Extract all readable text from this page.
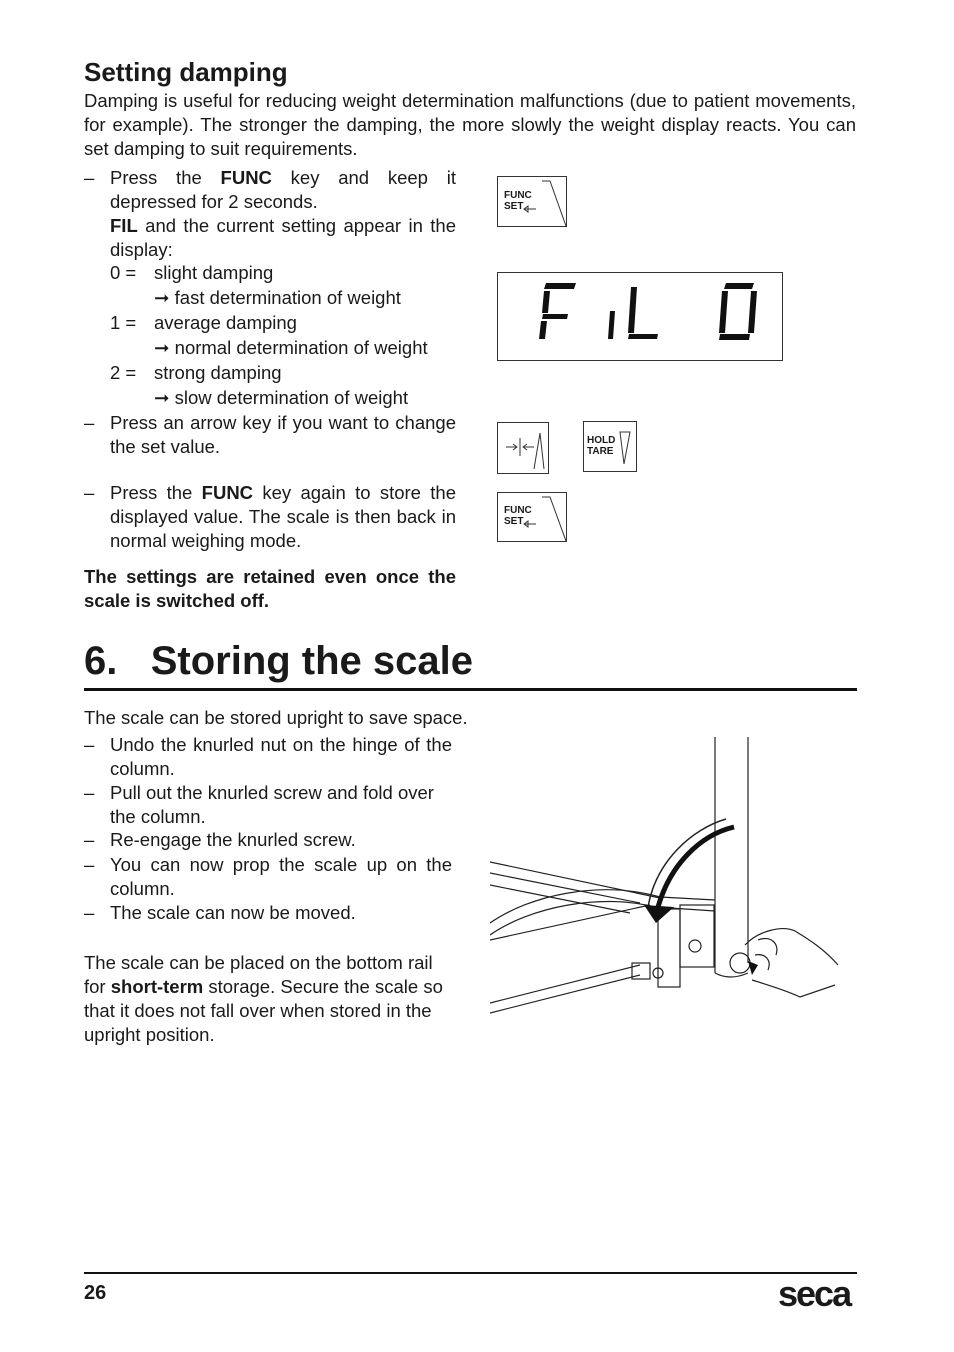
Setting damping
Damping is useful for reducing weight determination malfunctions (due to patient movements, for example). The stronger the damping, the more slowly the weight display reacts. You can set damping to suit requirements.
– Press the FUNC key and keep it depressed for 2 seconds.
FIL and the current setting appear in the display:
0 = slight damping
➞ fast determination of weight
1 = average damping
➞ normal determination of weight
2 = strong damping
➞ slow determination of weight
– Press an arrow key if you want to change the set value.
– Press the FUNC key again to store the displayed value. The scale is then back in normal weighing mode.
The settings are retained even once the scale is switched off.
FUNC
SET
HOLD
TARE
FUNC
SET
6.   Storing the scale
The scale can be stored upright to save space.
– Undo the knurled nut on the hinge of the column.
– Pull out the knurled screw and fold over the column.
– Re-engage the knurled screw.
– You can now prop the scale up on the column.
– The scale can now be moved.
The scale can be placed on the bottom rail for short-term storage. Secure the scale so that it does not fall over when stored in the upright position.
26	seca
